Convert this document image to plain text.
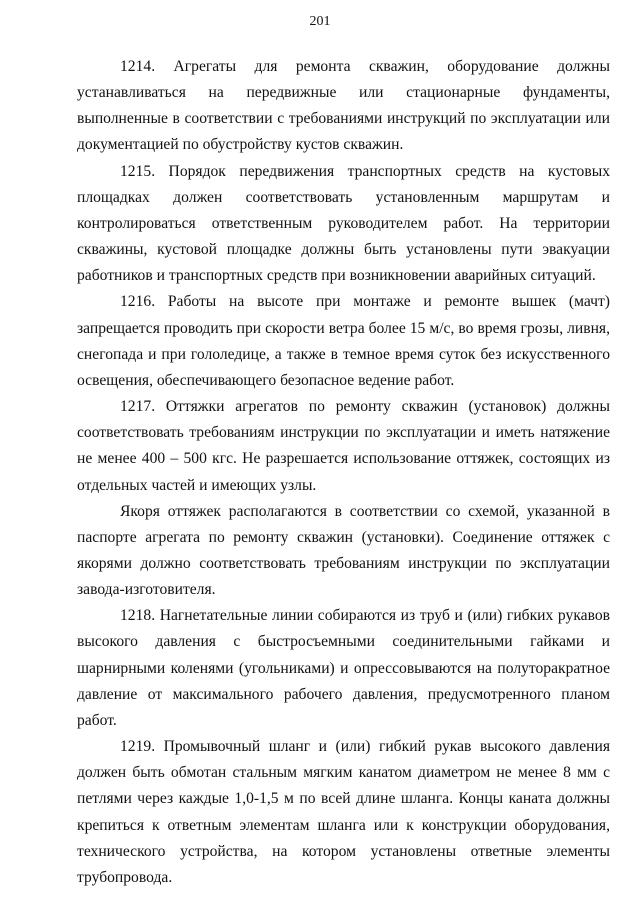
201

1214. Агрегаты для ремонта скважин, оборудование должны устанавливаться на передвижные или стационарные фундаменты, выполненные в соответствии с требованиями инструкций по эксплуатации или документацией по обустройству кустов скважин.

1215. Порядок передвижения транспортных средств на кустовых площадках должен соответствовать установленным маршрутам и контролироваться ответственным руководителем работ. На территории скважины, кустовой площадке должны быть установлены пути эвакуации работников и транспортных средств при возникновении аварийных ситуаций.

1216. Работы на высоте при монтаже и ремонте вышек (мачт) запрещается проводить при скорости ветра более 15 м/с, во время грозы, ливня, снегопада и при гололедице, а также в темное время суток без искусственного освещения, обеспечивающего безопасное ведение работ.

1217. Оттяжки агрегатов по ремонту скважин (установок) должны соответствовать требованиям инструкции по эксплуатации и иметь натяжение не менее 400 – 500 кгс. Не разрешается использование оттяжек, состоящих из отдельных частей и имеющих узлы.

Якоря оттяжек располагаются в соответствии со схемой, указанной в паспорте агрегата по ремонту скважин (установки). Соединение оттяжек с якорями должно соответствовать требованиям инструкции по эксплуатации завода-изготовителя.

1218. Нагнетательные линии собираются из труб и (или) гибких рукавов высокого давления с быстросъемными соединительными гайками и шарнирными коленями (угольниками) и опрессовываются на полуторакратное давление от максимального рабочего давления, предусмотренного планом работ.

1219. Промывочный шланг и (или) гибкий рукав высокого давления должен быть обмотан стальным мягким канатом диаметром не менее 8 мм с петлями через каждые 1,0-1,5 м по всей длине шланга. Концы каната должны крепиться к ответным элементам шланга или к конструкции оборудования, технического устройства, на котором установлены ответные элементы трубопровода.
